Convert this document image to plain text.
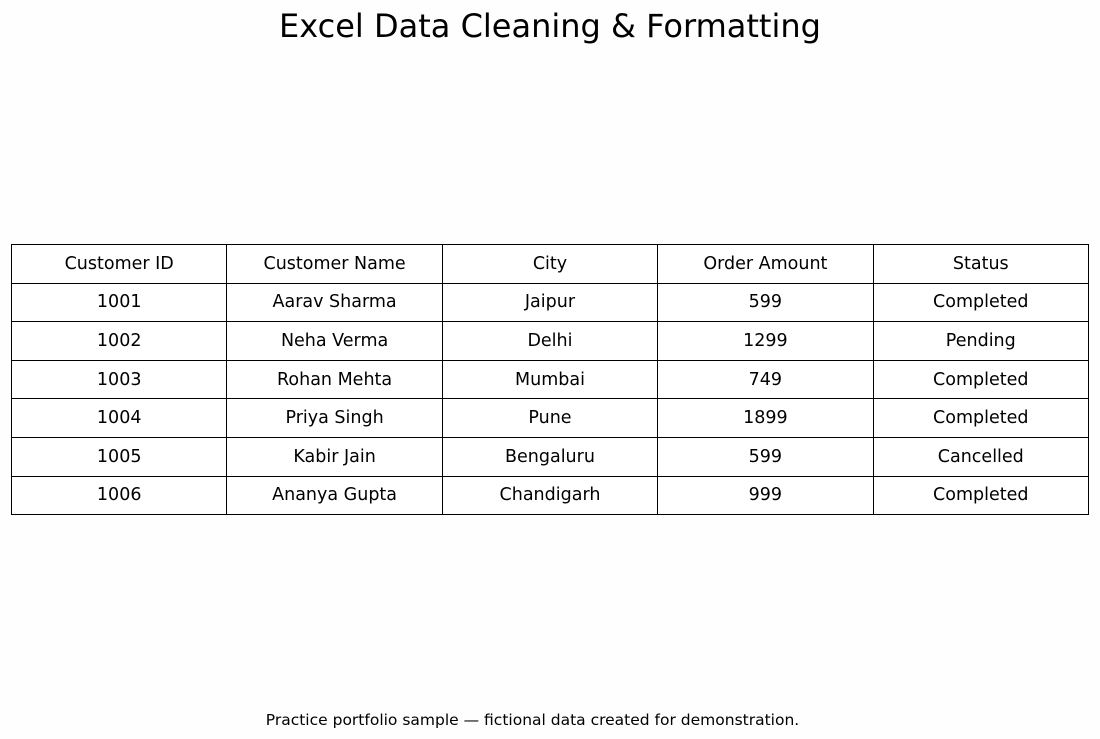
Excel Data Cleaning & Formatting
Customer ID	Customer Name	City	Order Amount	Status
1001	Aarav Sharma	Jaipur	599	Completed
1002	Neha Verma	Delhi	1299	Pending
1003	Rohan Mehta	Mumbai	749	Completed
1004	Priya Singh	Pune	1899	Completed
1005	Kabir Jain	Bengaluru	599	Cancelled
1006	Ananya Gupta	Chandigarh	999	Completed

Practice portfolio sample — fictional data created for demonstration.
